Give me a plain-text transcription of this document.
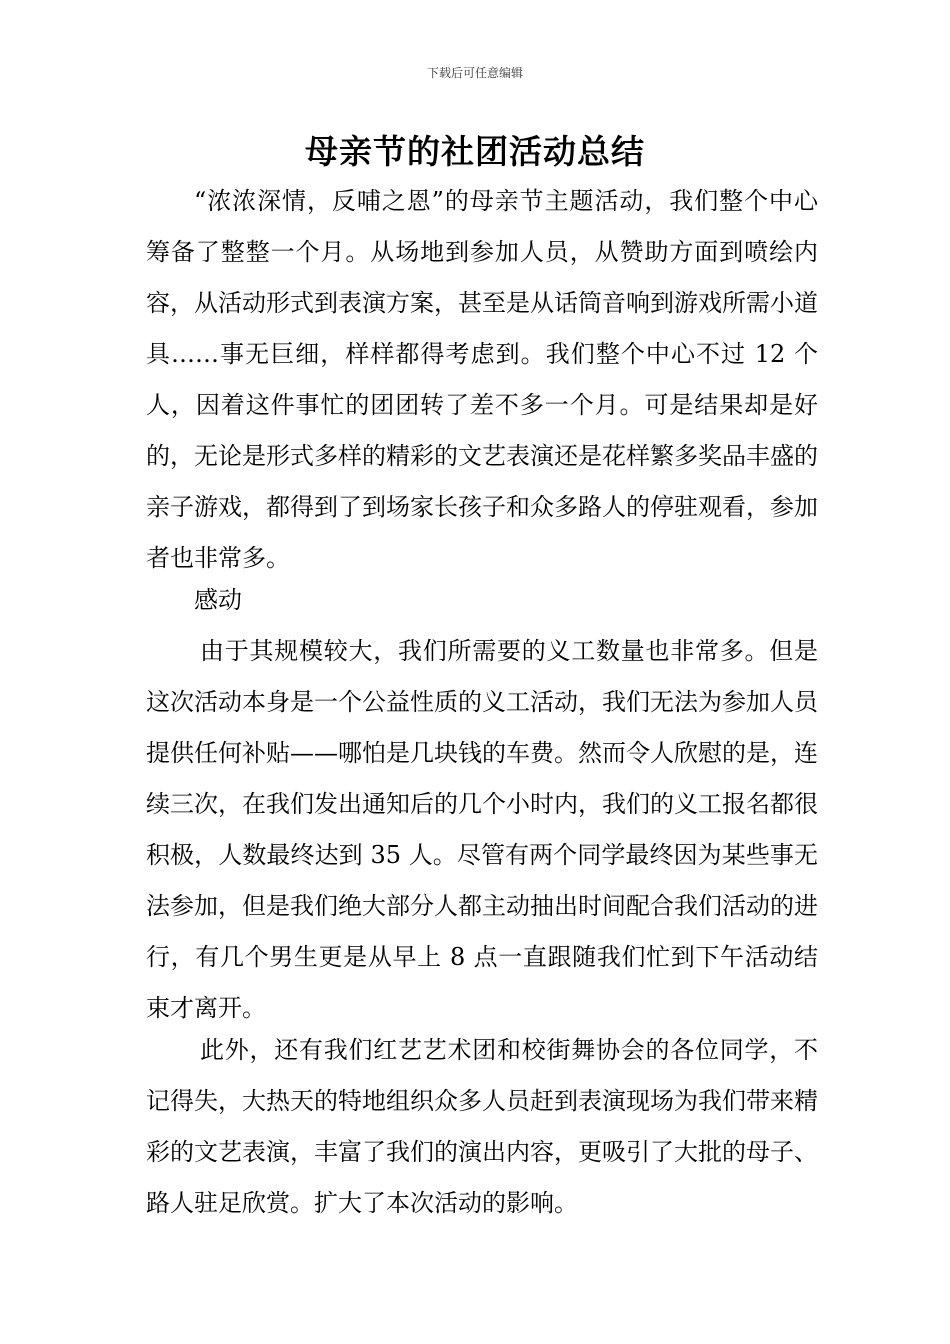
下载后可任意编辑
母亲节的社团活动总结

“浓浓深情，反哺之恩”的母亲节主题活动，我们整个中心筹备了整整一个月。从场地到参加人员，从赞助方面到喷绘内容，从活动形式到表演方案，甚至是从话筒音响到游戏所需小道具……事无巨细，样样都得考虑到。我们整个中心不过 12 个人，因着这件事忙的团团转了差不多一个月。可是结果却是好的，无论是形式多样的精彩的文艺表演还是花样繁多奖品丰盛的亲子游戏，都得到了到场家长孩子和众多路人的停驻观看，参加者也非常多。

感动

由于其规模较大，我们所需要的义工数量也非常多。但是这次活动本身是一个公益性质的义工活动，我们无法为参加人员提供任何补贴——哪怕是几块钱的车费。然而令人欣慰的是，连续三次，在我们发出通知后的几个小时内，我们的义工报名都很积极，人数最终达到 35 人。尽管有两个同学最终因为某些事无法参加，但是我们绝大部分人都主动抽出时间配合我们活动的进行，有几个男生更是从早上 8 点一直跟随我们忙到下午活动结束才离开。

此外，还有我们红艺艺术团和校街舞协会的各位同学，不记得失，大热天的特地组织众多人员赶到表演现场为我们带来精彩的文艺表演，丰富了我们的演出内容，更吸引了大批的母子、路人驻足欣赏。扩大了本次活动的影响。
